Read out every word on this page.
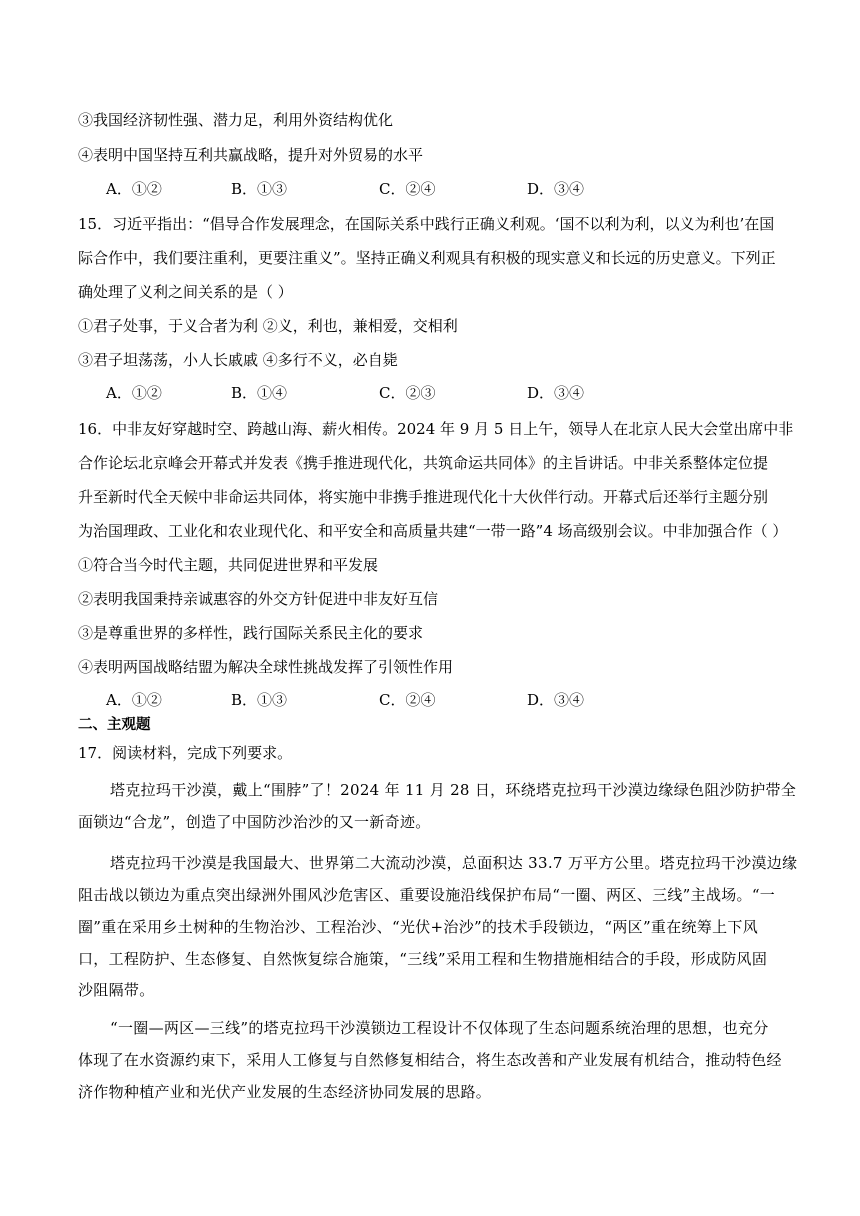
③我国经济韧性强、潜力足，利用外资结构优化
④表明中国坚持互利共赢战略，提升对外贸易的水平
A．①②	B．①③	C．②④	D．③④
15．习近平指出：“倡导合作发展理念，在国际关系中践行正确义利观。‘国不以利为利，以义为利也’在国
际合作中，我们要注重利，更要注重义”。坚持正确义利观具有积极的现实意义和长远的历史意义。下列正
确处理了义利之间关系的是（ ）
①君子处事，于义合者为利 ②义，利也，兼相爱，交相利
③君子坦荡荡，小人长戚戚 ④多行不义，必自毙
A．①②	B．①④	C．②③	D．③④
16．中非友好穿越时空、跨越山海、薪火相传。2024 年 9 月 5 日上午，领导人在北京人民大会堂出席中非
合作论坛北京峰会开幕式并发表《携手推进现代化，共筑命运共同体》的主旨讲话。中非关系整体定位提
升至新时代全天候中非命运共同体，将实施中非携手推进现代化十大伙伴行动。开幕式后还举行主题分别
为治国理政、工业化和农业现代化、和平安全和高质量共建“一带一路”4 场高级别会议。中非加强合作（ ）
①符合当今时代主题，共同促进世界和平发展
②表明我国秉持亲诚惠容的外交方针促进中非友好互信
③是尊重世界的多样性，践行国际关系民主化的要求
④表明两国战略结盟为解决全球性挑战发挥了引领性作用
A．①②	B．①③	C．②④	D．③④
二、主观题
17．阅读材料，完成下列要求。
塔克拉玛干沙漠，戴上“围脖”了！2024 年 11 月 28 日，环绕塔克拉玛干沙漠边缘绿色阻沙防护带全
面锁边“合龙”，创造了中国防沙治沙的又一新奇迹。
塔克拉玛干沙漠是我国最大、世界第二大流动沙漠，总面积达 33.7 万平方公里。塔克拉玛干沙漠边缘
阻击战以锁边为重点突出绿洲外围风沙危害区、重要设施沿线保护布局“一圈、两区、三线”主战场。“一
圈”重在采用乡土树种的生物治沙、工程治沙、“光伏+治沙”的技术手段锁边，“两区”重在统筹上下风
口，工程防护、生态修复、自然恢复综合施策，“三线”采用工程和生物措施相结合的手段，形成防风固
沙阻隔带。
“一圈—两区—三线”的塔克拉玛干沙漠锁边工程设计不仅体现了生态问题系统治理的思想，也充分
体现了在水资源约束下，采用人工修复与自然修复相结合，将生态改善和产业发展有机结合，推动特色经
济作物种植产业和光伏产业发展的生态经济协同发展的思路。
